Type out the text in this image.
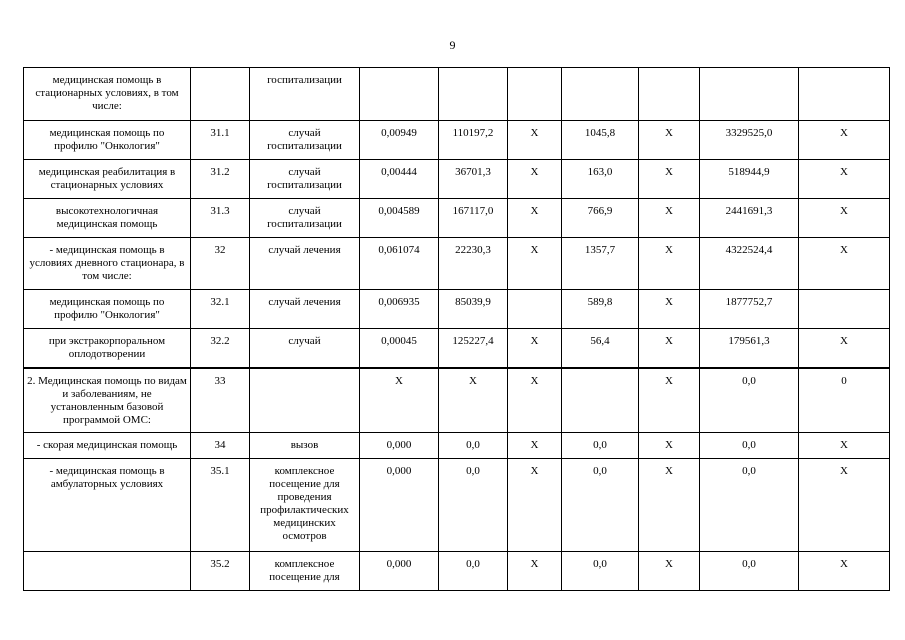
9
медицинская помощь в стационарных условиях, в том числе:		госпитализации							
медицинская помощь по профилю "Онкология"	31.1	случай госпитализации	0,00949	110197,2	Х	1045,8	Х	3329525,0	Х
медицинская реабилитация в стационарных условиях	31.2	случай госпитализации	0,00444	36701,3	Х	163,0	Х	518944,9	Х
высокотехнологичная медицинская помощь	31.3	случай госпитализации	0,004589	167117,0	Х	766,9	Х	2441691,3	Х
- медицинская помощь в условиях дневного стационара, в том числе:	32	случай лечения	0,061074	22230,3	Х	1357,7	Х	4322524,4	Х
медицинская помощь по профилю "Онкология"	32.1	случай лечения	0,006935	85039,9		589,8	Х	1877752,7	
при экстракорпоральном оплодотворении	32.2	случай	0,00045	125227,4	Х	56,4	Х	179561,3	Х
2. Медицинская помощь по видам и заболеваниям, не установленным базовой программой ОМС:	33		Х	Х	Х		Х	0,0	0
- скорая медицинская помощь	34	вызов	0,000	0,0	Х	0,0	Х	0,0	Х
- медицинская помощь в амбулаторных условиях	35.1	комплексное посещение для проведения профилактических медицинских осмотров	0,000	0,0	Х	0,0	Х	0,0	Х
	35.2	комплексное посещение для	0,000	0,0	Х	0,0	Х	0,0	Х
